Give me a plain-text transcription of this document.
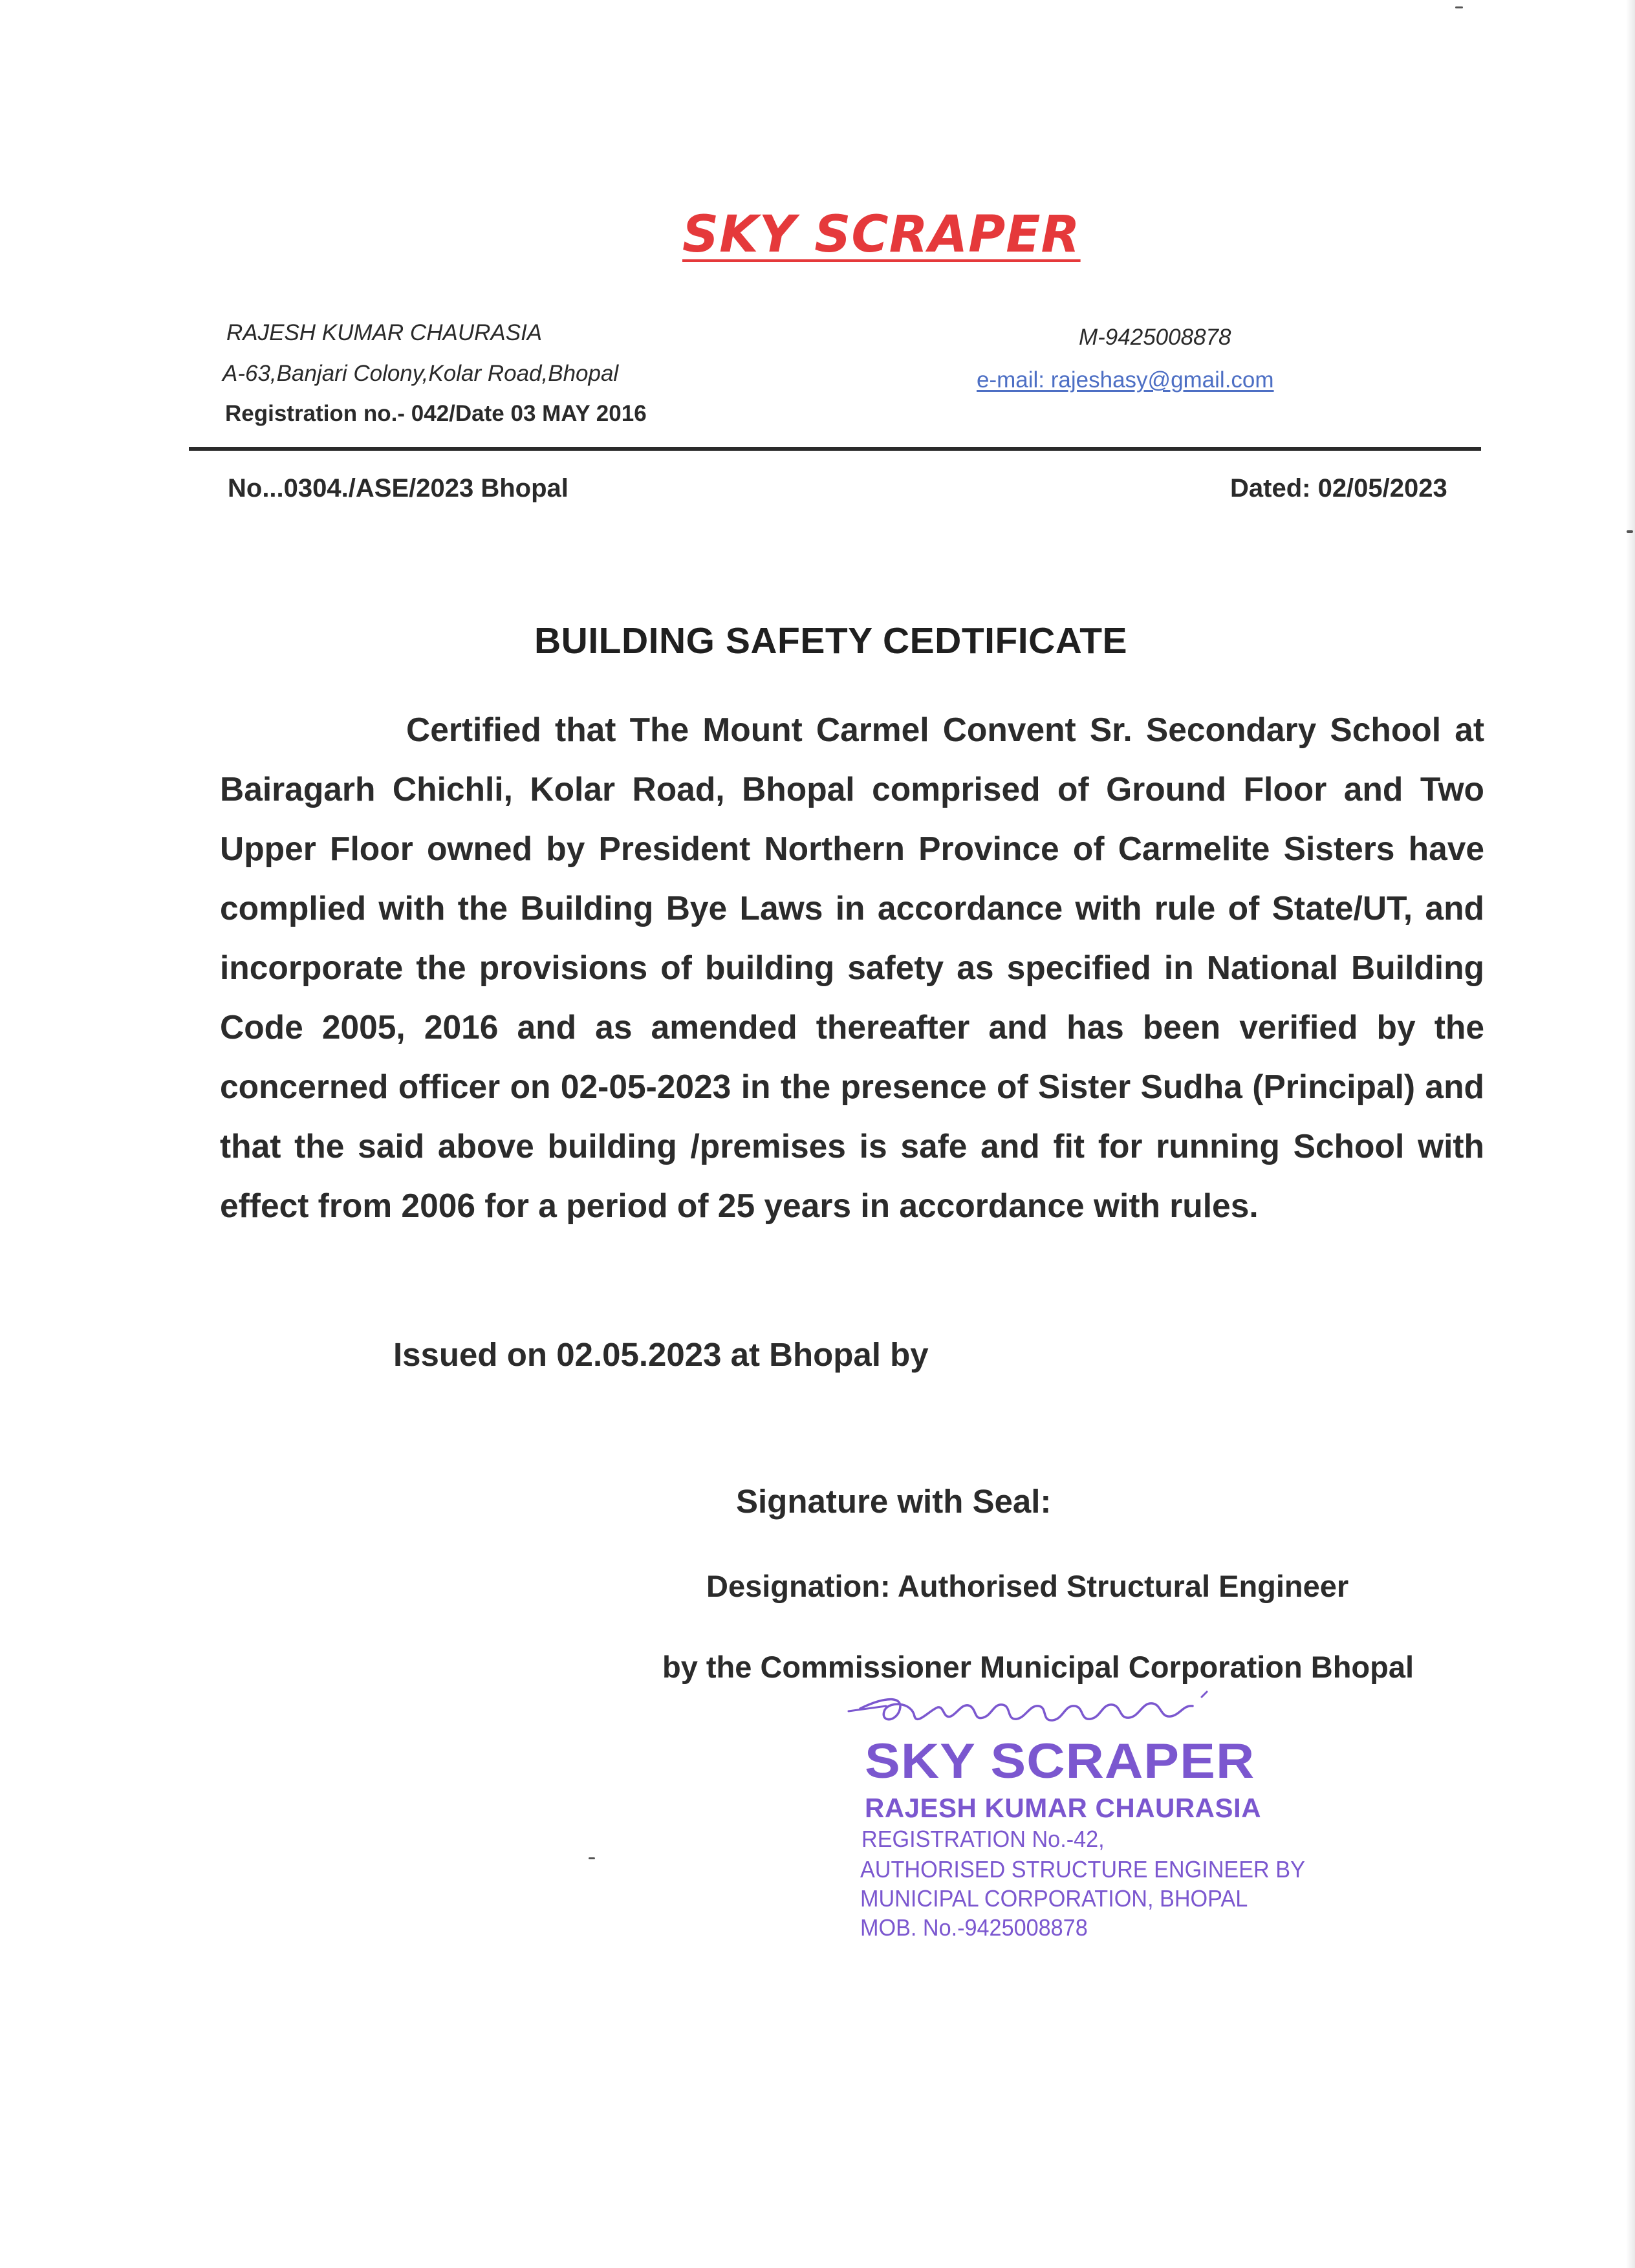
SKY SCRAPER
RAJESH KUMAR CHAURASIA
A-63,Banjari Colony,Kolar Road,Bhopal
Registration no.- 042/Date 03 MAY 2016
M-9425008878
e-mail: rajeshasy@gmail.com
No...0304./ASE/2023 Bhopal	Dated: 02/05/2023
BUILDING SAFETY CEDTIFICATE

Certified that The Mount Carmel Convent Sr. Secondary School at Bairagarh Chichli, Kolar Road, Bhopal comprised of Ground Floor and Two Upper Floor owned by President Northern Province of Carmelite Sisters have complied with the Building Bye Laws in accordance with rule of State/UT, and incorporate the provisions of building safety as specified in National Building Code 2005, 2016 and as amended thereafter and has been verified by the concerned officer on 02-05-2023 in the presence of Sister Sudha (Principal) and that the said above building /premises is safe and fit for running School with effect from 2006 for a period of 25 years in accordance with rules.

Issued on 02.05.2023 at Bhopal by
Signature with Seal:
Designation: Authorised Structural Engineer
by the Commissioner Municipal Corporation Bhopal
SKY SCRAPER
RAJESH KUMAR CHAURASIA
REGISTRATION No.-42,
AUTHORISED STRUCTURE ENGINEER BY
MUNICIPAL CORPORATION, BHOPAL
MOB. No.-9425008878
